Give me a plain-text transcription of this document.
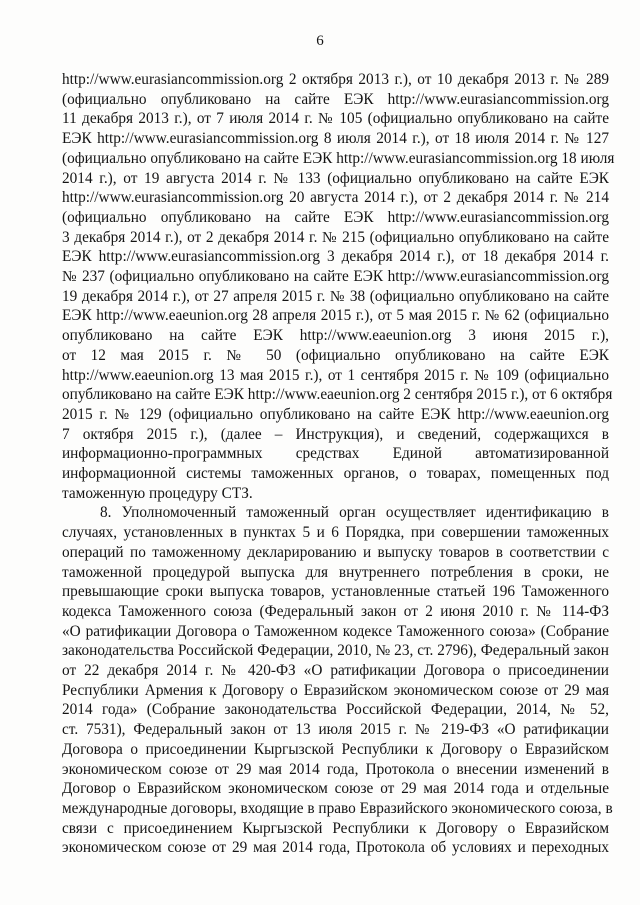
6
http://www.eurasiancommission.org 2 октября 2013 г.), от 10 декабря 2013 г. № 289
(официально опубликовано на сайте ЕЭК http://www.eurasiancommission.org
11 декабря 2013 г.), от 7 июля 2014 г. № 105 (официально опубликовано на сайте
ЕЭК http://www.eurasiancommission.org 8 июля 2014 г.), от 18 июля 2014 г. № 127
(официально опубликовано на сайте ЕЭК http://www.eurasiancommission.org 18 июля
2014 г.), от 19 августа 2014 г. № 133 (официально опубликовано на сайте ЕЭК
http://www.eurasiancommission.org 20 августа 2014 г.), от 2 декабря 2014 г. № 214
(официально опубликовано на сайте ЕЭК http://www.eurasiancommission.org
3 декабря 2014 г.), от 2 декабря 2014 г. № 215 (официально опубликовано на сайте
ЕЭК http://www.eurasiancommission.org 3 декабря 2014 г.), от 18 декабря 2014 г.
№ 237 (официально опубликовано на сайте ЕЭК http://www.eurasiancommission.org
19 декабря 2014 г.), от 27 апреля 2015 г. № 38 (официально опубликовано на сайте
ЕЭК http://www.eaeunion.org 28 апреля 2015 г.), от 5 мая 2015 г. № 62 (официально
опубликовано на сайте ЕЭК http://www.eaeunion.org 3 июня 2015 г.),
от 12 мая 2015 г. № 50 (официально опубликовано на сайте ЕЭК
http://www.eaeunion.org 13 мая 2015 г.), от 1 сентября 2015 г. № 109 (официально
опубликовано на сайте ЕЭК http://www.eaeunion.org 2 сентября 2015 г.), от 6 октября
2015 г. № 129 (официально опубликовано на сайте ЕЭК http://www.eaeunion.org
7 октября 2015 г.), (далее – Инструкция), и сведений, содержащихся в
информационно-программных средствах Единой автоматизированной
информационной системы таможенных органов, о товарах, помещенных под
таможенную процедуру СТЗ.
8. Уполномоченный таможенный орган осуществляет идентификацию в
случаях, установленных в пунктах 5 и 6 Порядка, при совершении таможенных
операций по таможенному декларированию и выпуску товаров в соответствии с
таможенной процедурой выпуска для внутреннего потребления в сроки, не
превышающие сроки выпуска товаров, установленные статьей 196 Таможенного
кодекса Таможенного союза (Федеральный закон от 2 июня 2010 г. № 114-ФЗ
«О ратификации Договора о Таможенном кодексе Таможенного союза» (Собрание
законодательства Российской Федерации, 2010, № 23, ст. 2796), Федеральный закон
от 22 декабря 2014 г. № 420-ФЗ «О ратификации Договора о присоединении
Республики Армения к Договору о Евразийском экономическом союзе от 29 мая
2014 года» (Собрание законодательства Российской Федерации, 2014, № 52,
ст. 7531), Федеральный закон от 13 июля 2015 г. № 219-ФЗ «О ратификации
Договора о присоединении Кыргызской Республики к Договору о Евразийском
экономическом союзе от 29 мая 2014 года, Протокола о внесении изменений в
Договор о Евразийском экономическом союзе от 29 мая 2014 года и отдельные
международные договоры, входящие в право Евразийского экономического союза, в
связи с присоединением Кыргызской Республики к Договору о Евразийском
экономическом союзе от 29 мая 2014 года, Протокола об условиях и переходных
